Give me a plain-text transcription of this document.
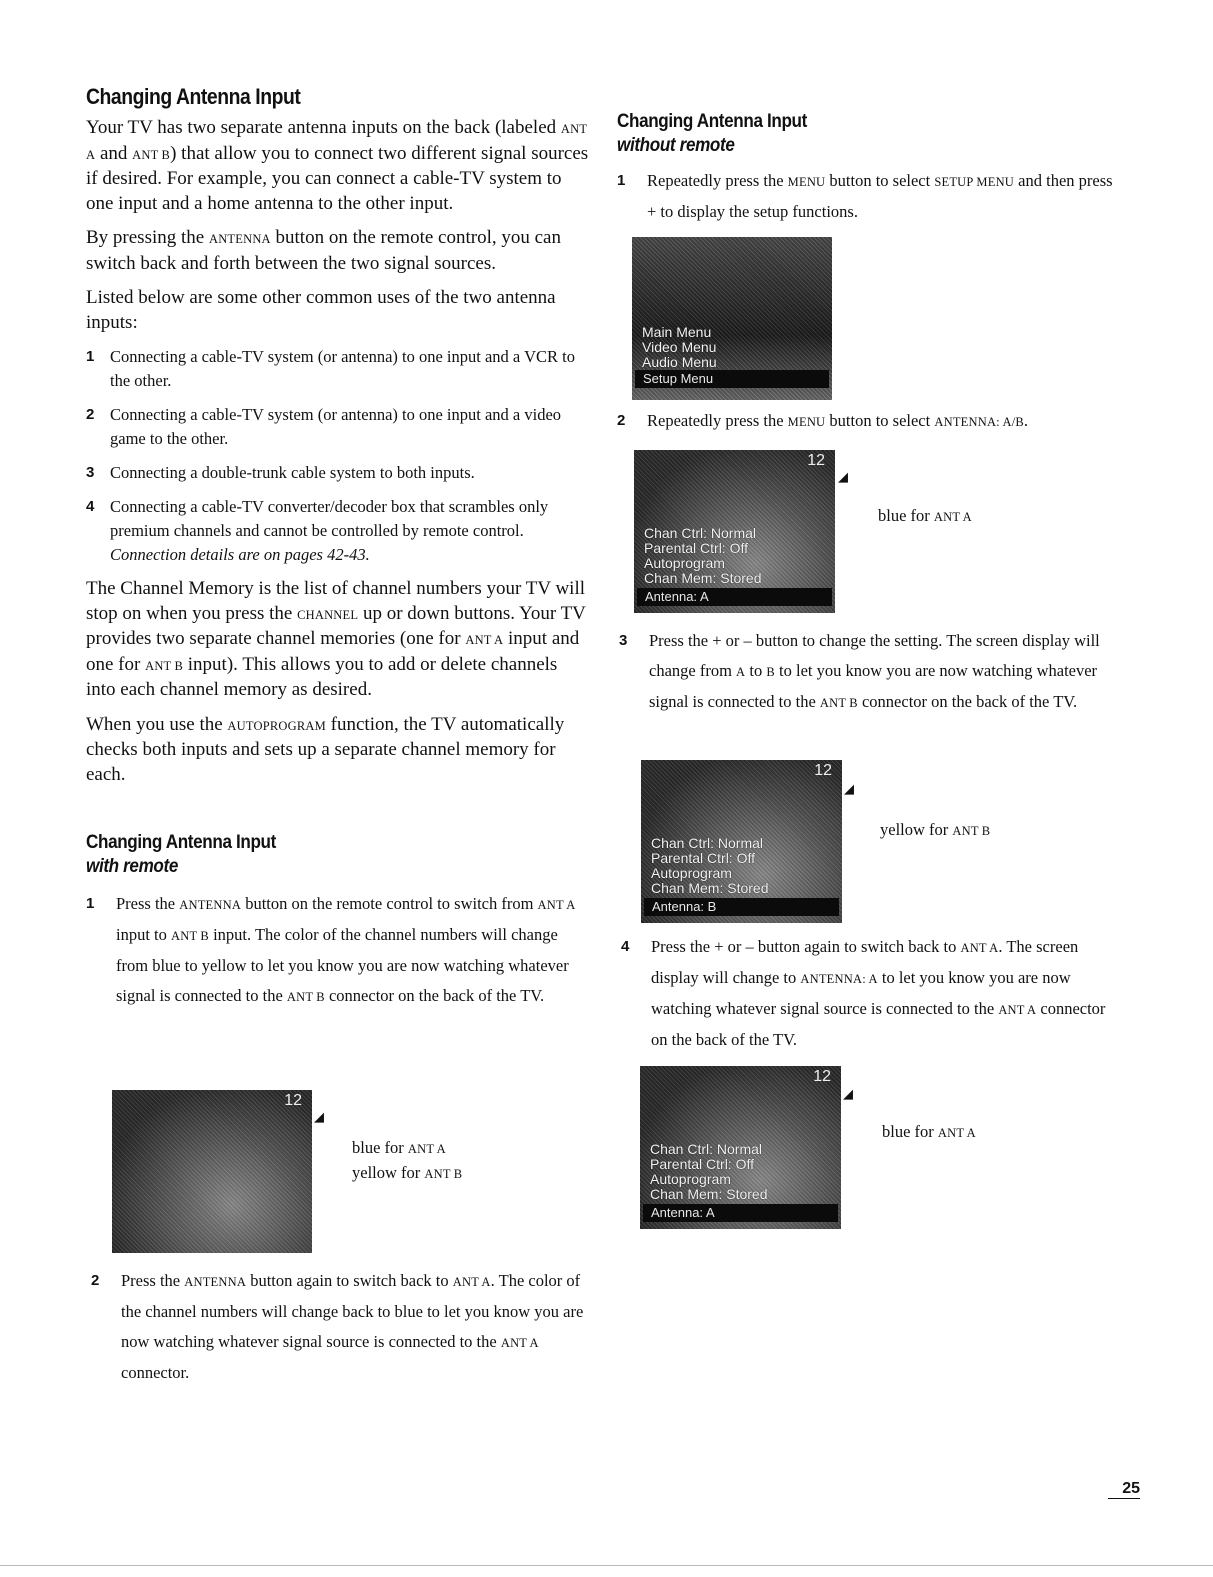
Changing Antenna Input

Your TV has two separate antenna inputs on the back (labeled ANT A and ANT B) that allow you to connect two different signal sources if desired. For example, you can connect a cable-TV system to one input and a home antenna to the other input.

By pressing the ANTENNA button on the remote control, you can switch back and forth between the two signal sources.

Listed below are some other common uses of the two antenna inputs:

1 Connecting a cable-TV system (or antenna) to one input and a VCR to the other.
2 Connecting a cable-TV system (or antenna) to one input and a video game to the other.
3 Connecting a double-trunk cable system to both inputs.
4 Connecting a cable-TV converter/decoder box that scrambles only premium channels and cannot be controlled by remote control. Connection details are on pages 42-43.

The Channel Memory is the list of channel numbers your TV will stop on when you press the CHANNEL up or down buttons. Your TV provides two separate channel memories (one for ANT A input and one for ANT B input). This allows you to add or delete channels into each channel memory as desired.

When you use the AUTOPROGRAM function, the TV automatically checks both inputs and sets up a separate channel memory for each.

Changing Antenna Input
with remote
1 Press the ANTENNA button on the remote control to switch from ANT A input to ANT B input. The color of the channel numbers will change from blue to yellow to let you know you are now watching whatever signal is connected to the ANT B connector on the back of the TV.
12
◢
blue for ANT A
yellow for ANT B
2 Press the ANTENNA button again to switch back to ANT A. The color of the channel numbers will change back to blue to let you know you are now watching whatever signal source is connected to the ANT A connector.
Changing Antenna Input
without remote
1 Repeatedly press the MENU button to select SETUP MENU and then press + to display the setup functions.
Main Menu
Video Menu
Audio Menu
Setup Menu
2 Repeatedly press the MENU button to select ANTENNA: A/B.
12
Chan Ctrl: Normal
Parental Ctrl: Off
Autoprogram
Chan Mem: Stored
Antenna: A
◢
blue for ANT A
3 Press the + or – button to change the setting. The screen display will change from A to B to let you know you are now watching whatever signal is connected to the ANT B connector on the back of the TV.
12
Chan Ctrl: Normal
Parental Ctrl: Off
Autoprogram
Chan Mem: Stored
Antenna: B
◢
yellow for ANT B
4 Press the + or – button again to switch back to ANT A. The screen display will change to ANTENNA: A to let you know you are now watching whatever signal source is connected to the ANT A connector on the back of the TV.
12
Chan Ctrl: Normal
Parental Ctrl: Off
Autoprogram
Chan Mem: Stored
Antenna: A
◢
blue for ANT A
25
